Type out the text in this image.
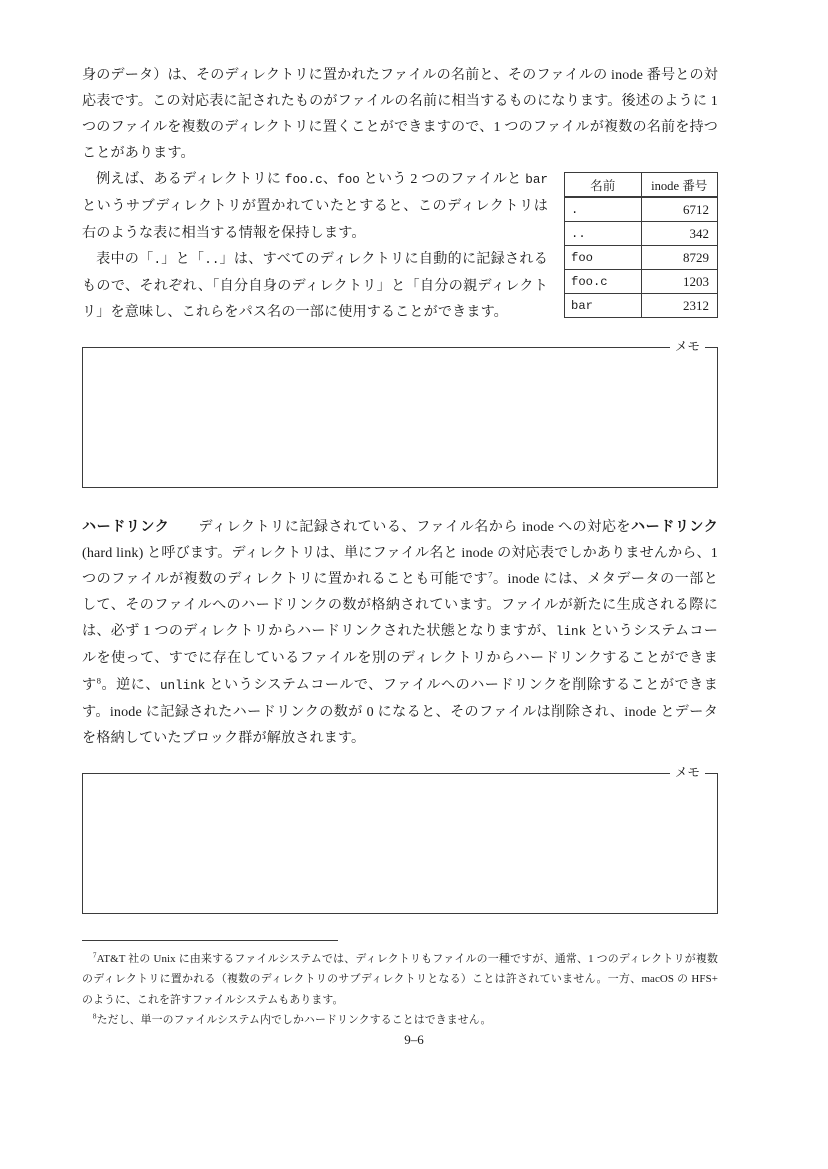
身のデータ）は、そのディレクトリに置かれたファイルの名前と、そのファイルの inode 番号との対応表です。この対応表に記されたものがファイルの名前に相当するものになります。後述のように 1 つのファイルを複数のディレクトリに置くことができますので、1 つのファイルが複数の名前を持つことがあります。

名前	inode 番号
.	6712
..	342
foo	8729
foo.c	1203
bar	2312

例えば、あるディレクトリに foo.c、foo という 2 つのファイルと bar というサブディレクトリが置かれていたとすると、このディレクトリは右のような表に相当する情報を保持します。

表中の「.」と「..」は、すべてのディレクトリに自動的に記録されるもので、それぞれ、「自分自身のディレクトリ」と「自分の親ディレクトリ」を意味し、これらをパス名の一部に使用することができます。

メモ

ハードリンク　　 ディレクトリに記録されている、ファイル名から inode への対応をハードリンク(hard link) と呼びます。ディレクトリは、単にファイル名と inode の対応表でしかありませんから、1 つのファイルが複数のディレクトリに置かれることも可能です$^7$。inode には、メタデータの一部として、そのファイルへのハードリンクの数が格納されています。ファイルが新たに生成される際には、必ず 1 つのディレクトリからハードリンクされた状態となりますが、link というシステムコールを使って、すでに存在しているファイルを別のディレクトリからハードリンクすることができます$^8$。逆に、unlink というシステムコールで、ファイルへのハードリンクを削除することができます。inode に記録されたハードリンクの数が 0 になると、そのファイルは削除され、inode とデータを格納していたブロック群が解放されます。

メモ

$^7$AT&T 社の Unix に由来するファイルシステムでは、ディレクトリもファイルの一種ですが、通常、1 つのディレクトリが複数のディレクトリに置かれる（複数のディレクトリのサブディレクトリとなる）ことは許されていません。一方、macOS の HFS+ のように、これを許すファイルシステムもあります。

$^8$ただし、単一のファイルシステム内でしかハードリンクすることはできません。

9–6
